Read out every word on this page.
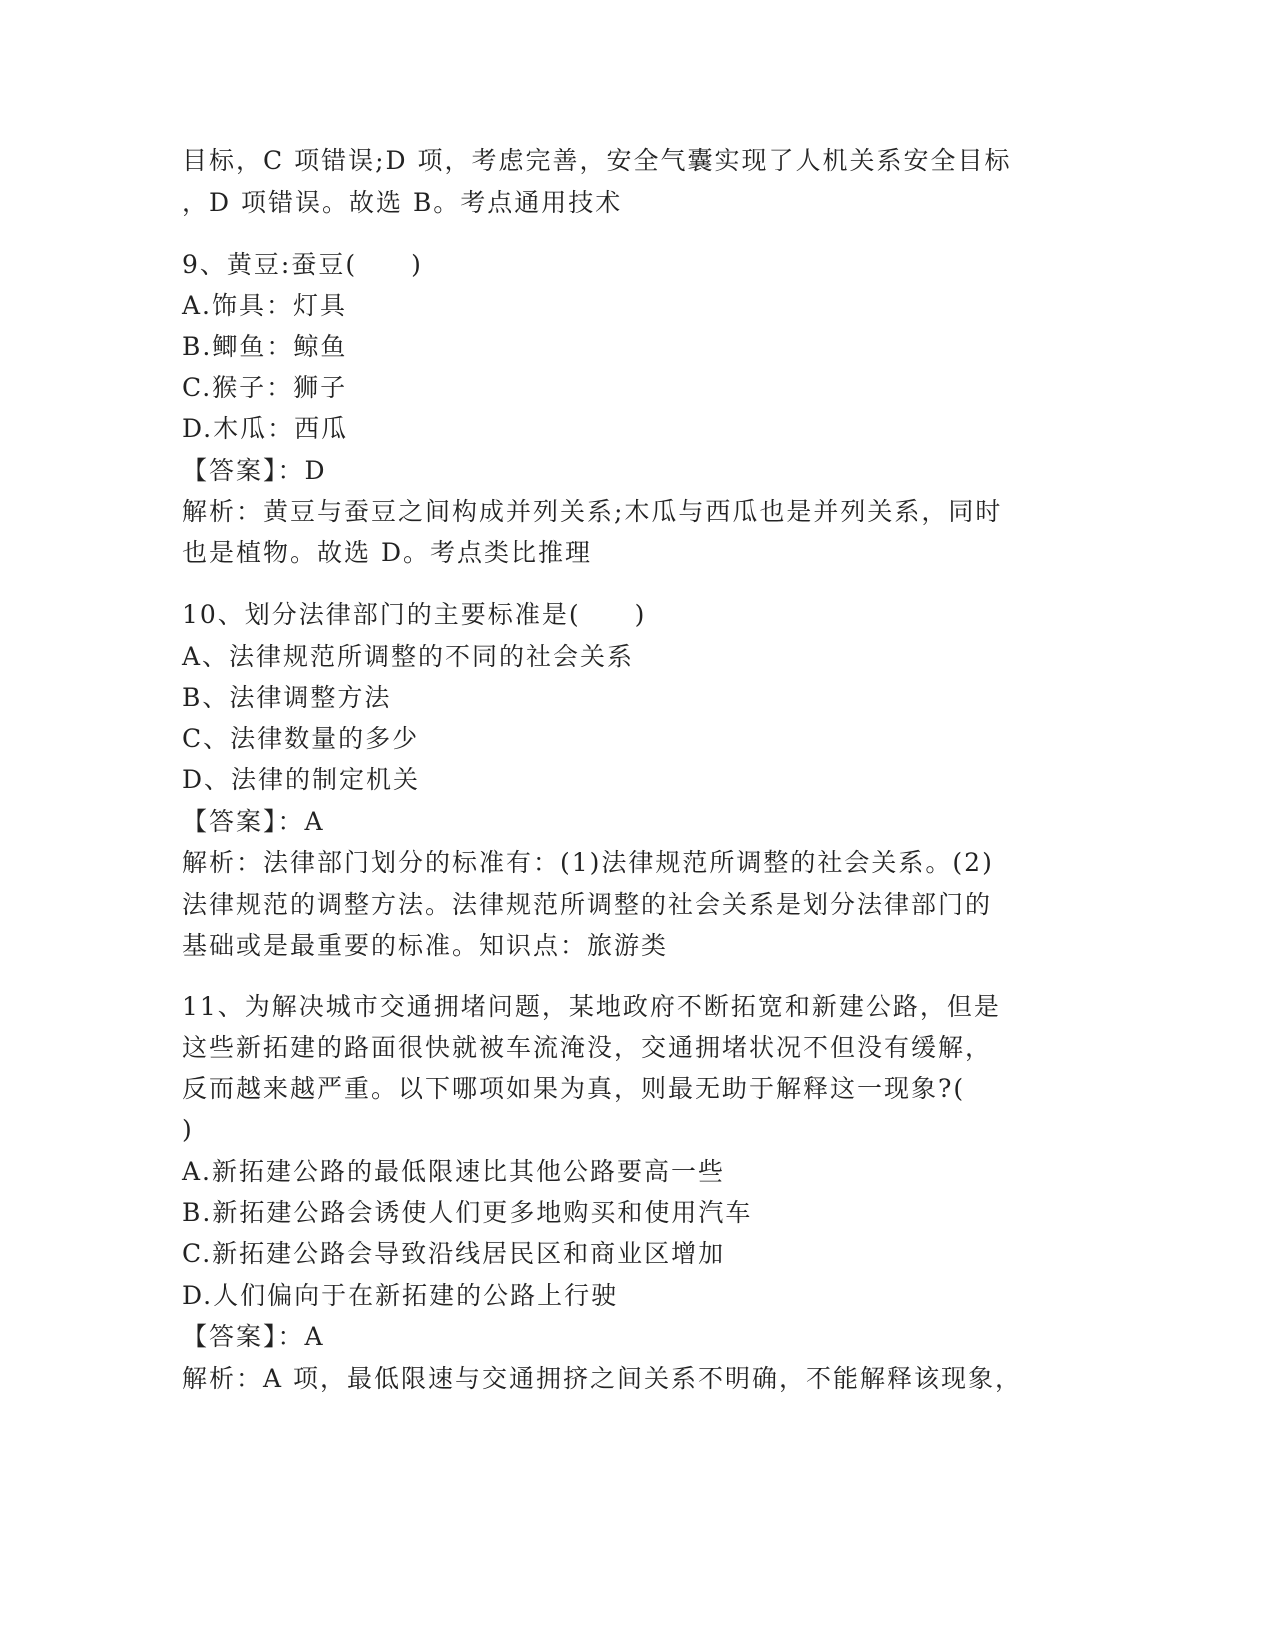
目标，C 项错误;D 项，考虑完善，安全气囊实现了人机关系安全目标
，D 项错误。故选 B。考点通用技术
9、黄豆:蚕豆(　　)
A.饰具：灯具
B.鲫鱼：鲸鱼
C.猴子：狮子
D.木瓜：西瓜
【答案】：D
解析：黄豆与蚕豆之间构成并列关系;木瓜与西瓜也是并列关系，同时
也是植物。故选 D。考点类比推理
10、划分法律部门的主要标准是(　　)
A、法律规范所调整的不同的社会关系
B、法律调整方法
C、法律数量的多少
D、法律的制定机关
【答案】：A
解析：法律部门划分的标准有：(1)法律规范所调整的社会关系。(2)
法律规范的调整方法。法律规范所调整的社会关系是划分法律部门的
基础或是最重要的标准。知识点：旅游类
11、为解决城市交通拥堵问题，某地政府不断拓宽和新建公路，但是
这些新拓建的路面很快就被车流淹没，交通拥堵状况不但没有缓解，
反而越来越严重。以下哪项如果为真，则最无助于解释这一现象?(
)
A.新拓建公路的最低限速比其他公路要高一些
B.新拓建公路会诱使人们更多地购买和使用汽车
C.新拓建公路会导致沿线居民区和商业区增加
D.人们偏向于在新拓建的公路上行驶
【答案】：A
解析：A 项，最低限速与交通拥挤之间关系不明确，不能解释该现象，
